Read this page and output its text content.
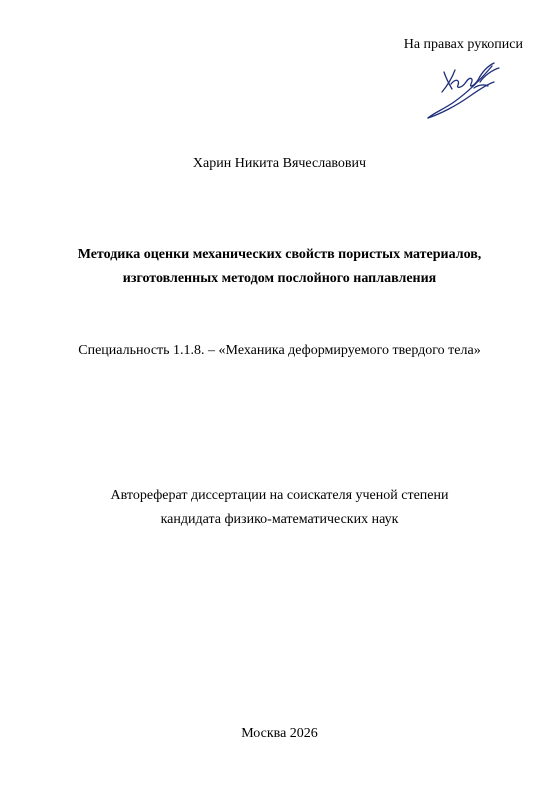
На правах рукописи
Харин Никита Вячеславович
Методика оценки механических свойств пористых материалов,
изготовленных методом послойного наплавления
Специальность 1.1.8. – «Механика деформируемого твердого тела»
Автореферат диссертации на соискателя ученой степени
кандидата физико-математических наук
Москва 2026
